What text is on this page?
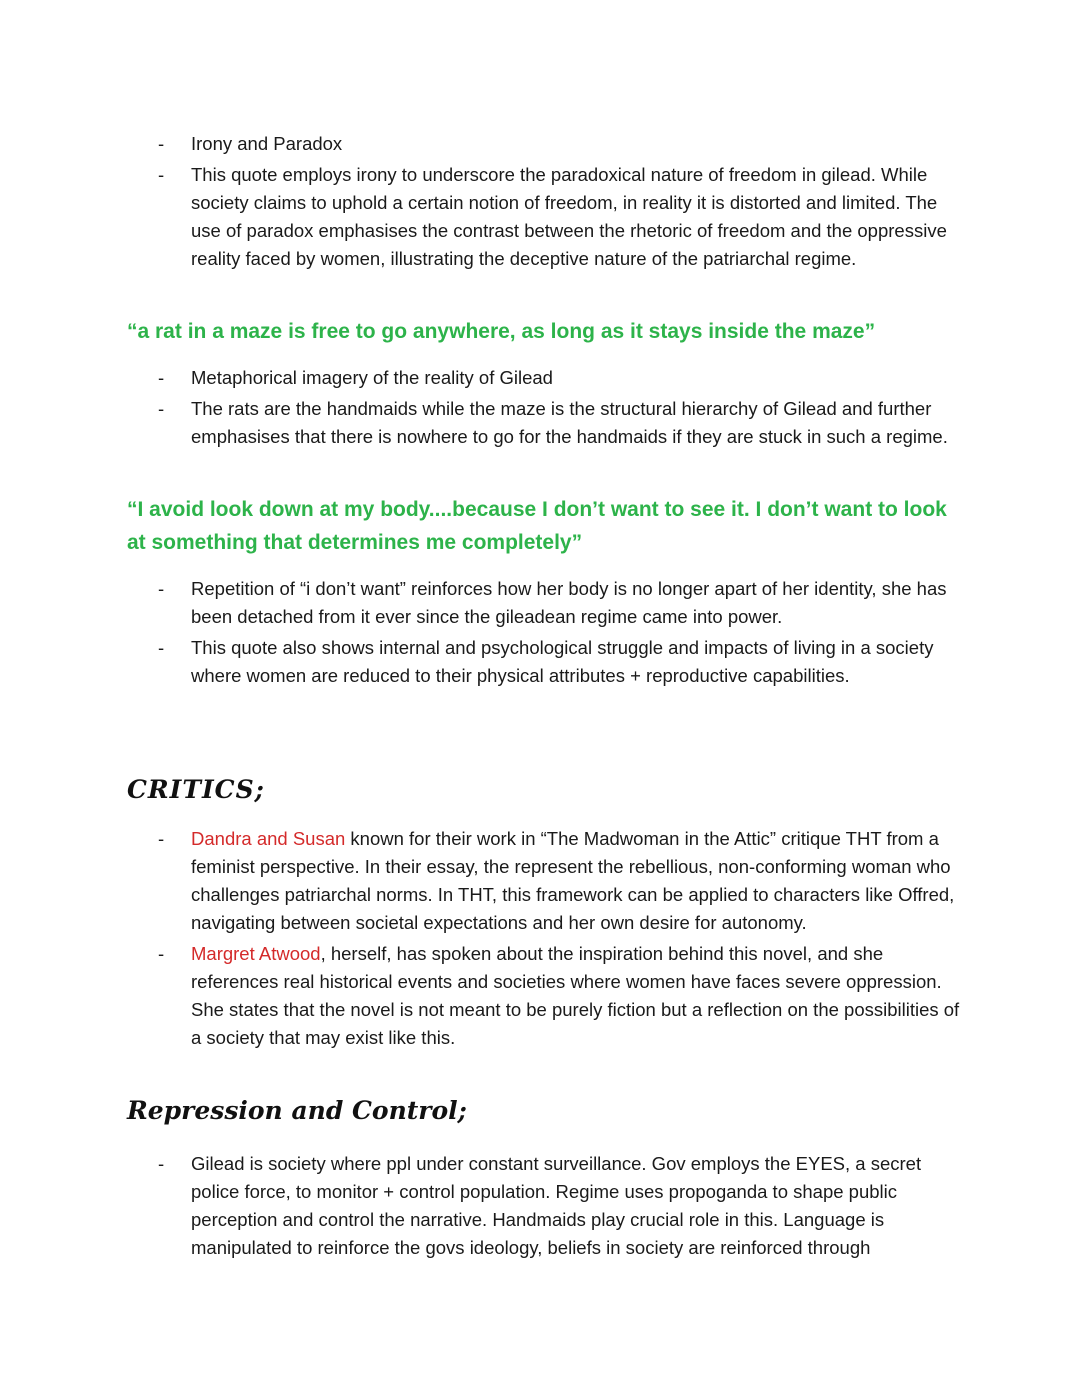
- Irony and Paradox
- This quote employs irony to underscore the paradoxical nature of freedom in gilead. While society claims to uphold a certain notion of freedom, in reality it is distorted and limited. The use of paradox emphasises the contrast between the rhetoric of freedom and the oppressive reality faced by women, illustrating the deceptive nature of the patriarchal regime.
“a rat in a maze is free to go anywhere, as long as it stays inside the maze”
- Metaphorical imagery of the reality of Gilead
- The rats are the handmaids while the maze is the structural hierarchy of Gilead and further emphasises that there is nowhere to go for the handmaids if they are stuck in such a regime.
“I avoid look down at my body....because I don’t want to see it. I don’t want to look at something that determines me completely”
- Repetition of “i don’t want” reinforces how her body is no longer apart of her identity, she has been detached from it ever since the gileadean regime came into power.
- This quote also shows internal and psychological struggle and impacts of living in a society where women are reduced to their physical attributes + reproductive capabilities.
CRITICS;
- Dandra and Susan known for their work in “The Madwoman in the Attic” critique THT from a feminist perspective. In their essay, the represent the rebellious, non-conforming woman who challenges patriarchal norms. In THT, this framework can be applied to characters like Offred, navigating between societal expectations and her own desire for autonomy.
- Margret Atwood, herself, has spoken about the inspiration behind this novel, and she references real historical events and societies where women have faces severe oppression. She states that the novel is not meant to be purely fiction but a reflection on the possibilities of a society that may exist like this.
Repression and Control;
- Gilead is society where ppl under constant surveillance. Gov employs the EYES, a secret police force, to monitor + control population. Regime uses propoganda to shape public perception and control the narrative. Handmaids play crucial role in this. Language is manipulated to reinforce the govs ideology, beliefs in society are reinforced through
